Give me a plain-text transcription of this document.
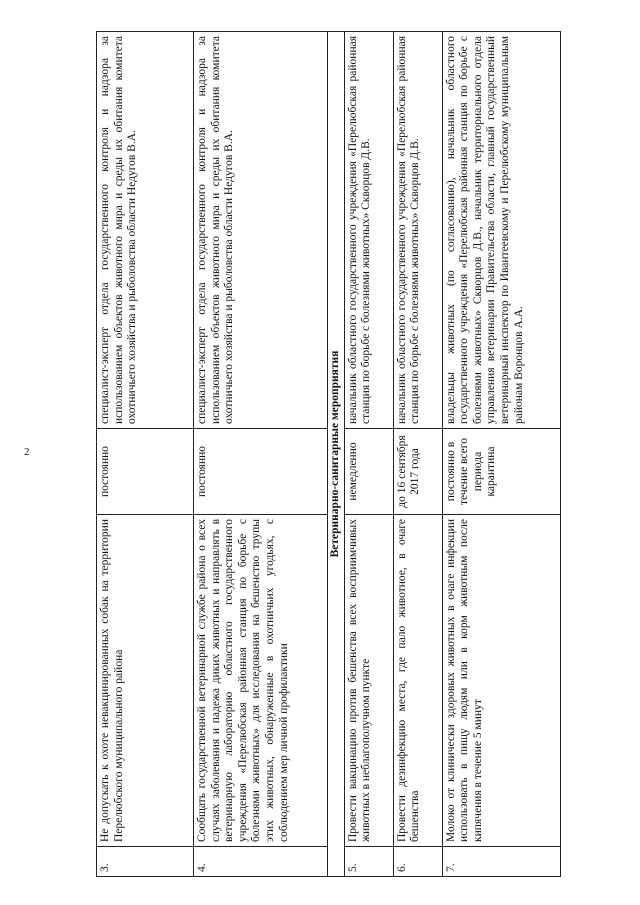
2
3.	Не допускать к охоте невакцинированных собак на территории Перелюбского муниципального района	постоянно	специалист-эксперт отдела государственного контроля и надзора за использованием объектов животного мира и среды их обитания комитета охотничьего хозяйства и рыболовства области Недугов В.А.
4.	Сообщать государственной ветеринарной службе района о всех случаях заболевания и падежа диких животных и направлять в ветеринарную лабораторию областного государственного учреждения «Перелюбская районная станция по борьбе с болезнями животных» для исследования на бешенство трупы этих животных, обнаруженные в охотничьих угодьях, с соблюдением мер личной профилактики	постоянно	специалист-эксперт отдела государственного контроля и надзора за использованием объектов животного мира и среды их обитания комитета охотничьего хозяйства и рыболовства области Недугов В.А.
Ветеринарно-санитарные мероприятия			
5.	Провести вакцинацию против бешенства всех восприимчивых животных в неблагополучном пункте	немедленно	начальник областного государственного учреждения «Перелюбская районная станция по борьбе с болезнями животных» Скворцов Д.В.
6.	Провести дезинфекцию места, где пало животное, в очаге бешенства	до 16 сентября 2017 года	начальник областного государственного учреждения «Перелюбская районная станция по борьбе с болезнями животных» Скворцов Д.В.
7.	Молоко от клинически здоровых животных в очаге инфекции использовать в пищу людям или в корм животным после кипячения в течение 5 минут	постоянно в течение всего периода карантина	владельцы животных (по согласованию), начальник областного государственного учреждения «Перелюбская районная станция по борьбе с болезнями животных» Скворцов Д.В., начальник территориального отдела управления ветеринарии Правительства области, главный государственный ветеринарный инспектор по Ивантеевскому и Перелюбскому муниципальным районам Воронцов А.А.
